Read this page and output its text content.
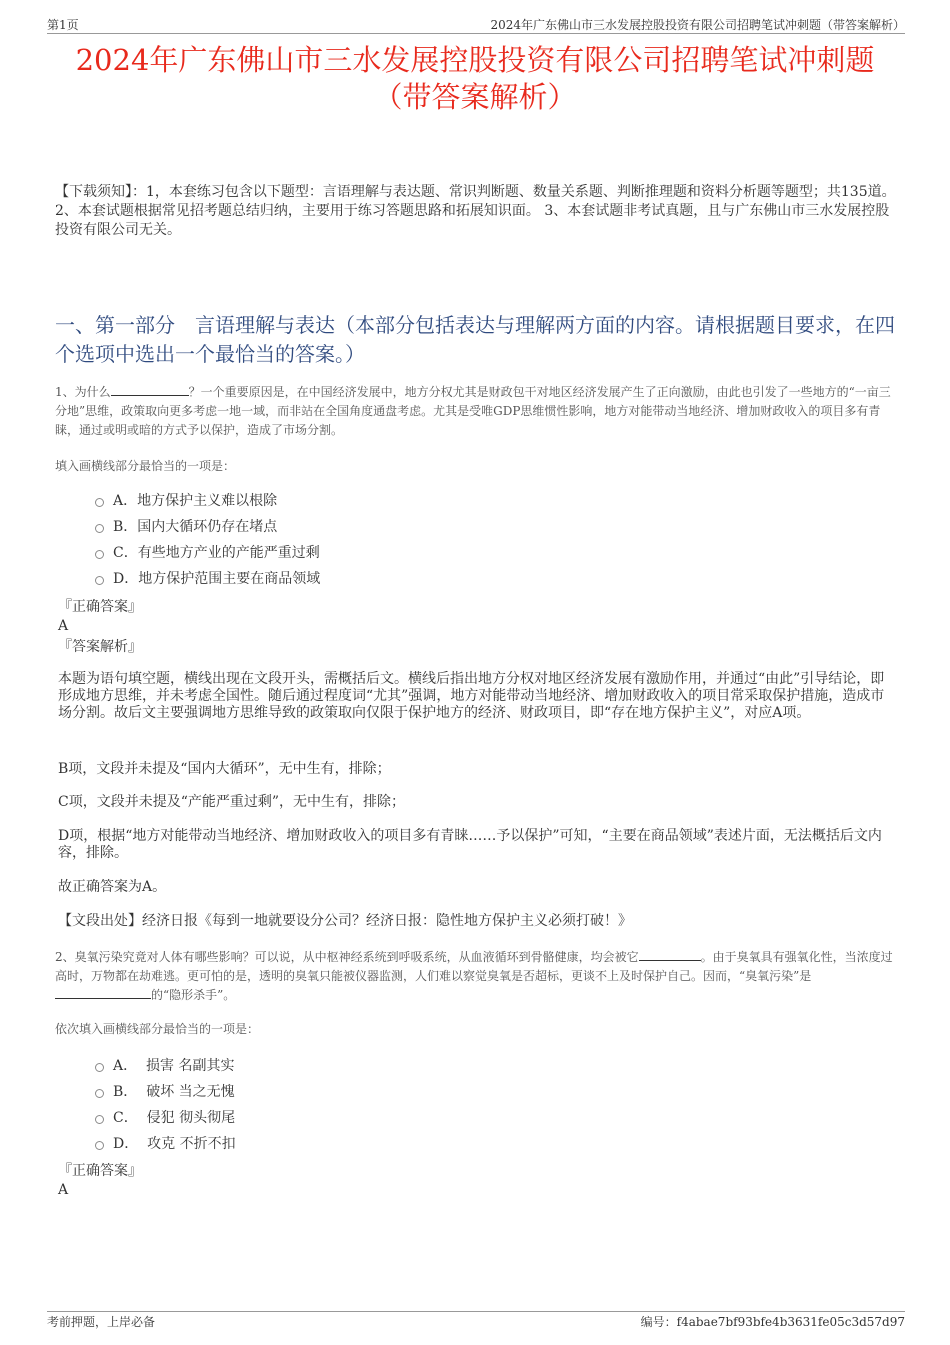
第1页	2024年广东佛山市三水发展控股投资有限公司招聘笔试冲刺题（带答案解析）
2024年广东佛山市三水发展控股投资有限公司招聘笔试冲刺题
（带答案解析）
【下载须知】：1，本套练习包含以下题型：言语理解与表达题、常识判断题、数量关系题、判断推理题和资料分析题等题型；共135道。 2、本套试题根据常见招考题总结归纳，主要用于练习答题思路和拓展知识面。 3、本套试题非考试真题，且与广东佛山市三水发展控股投资有限公司无关。
一、第一部分　言语理解与表达（本部分包括表达与理解两方面的内容。请根据题目要求，在四个选项中选出一个最恰当的答案。）
1、为什么	？一个重要原因是，在中国经济发展中，地方分权尤其是财政包干对地区经济发展产生了正向激励，由此也引发了一些地方的“一亩三分地”思维，政策取向更多考虑一地一域，而非站在全国角度通盘考虑。尤其是受唯GDP思维惯性影响，地方对能带动当地经济、增加财政收入的项目多有青睐，通过或明或暗的方式予以保护，造成了市场分割。
填入画横线部分最恰当的一项是：
A． 地方保护主义难以根除
B． 国内大循环仍存在堵点
C． 有些地方产业的产能严重过剩
D． 地方保护范围主要在商品领域
『正确答案』
A
『答案解析』
本题为语句填空题，横线出现在文段开头，需概括后文。横线后指出地方分权对地区经济发展有激励作用，并通过“由此”引导结论，即形成地方思维，并未考虑全国性。随后通过程度词“尤其”强调，地方对能带动当地经济、增加财政收入的项目常采取保护措施，造成市场分割。故后文主要强调地方思维导致的政策取向仅限于保护地方的经济、财政项目，即“存在地方保护主义”，对应A项。
B项，文段并未提及“国内大循环”，无中生有，排除；
C项，文段并未提及“产能严重过剩”，无中生有，排除；
D项，根据“地方对能带动当地经济、增加财政收入的项目多有青睐……予以保护”可知，“主要在商品领域”表述片面，无法概括后文内容，排除。
故正确答案为A。
【文段出处】经济日报《每到一地就要设分公司？经济日报：隐性地方保护主义必须打破！》
2、臭氧污染究竟对人体有哪些影响？可以说，从中枢神经系统到呼吸系统，从血液循环到骨骼健康，均会被它	。由于臭氧具有强氧化性，当浓度过高时，万物都在劫难逃。更可怕的是，透明的臭氧只能被仪器监测，人们难以察觉臭氧是否超标，更谈不上及时保护自己。因而，“臭氧污染”是的“隐形杀手”。
依次填入画横线部分最恰当的一项是：
A．
损害 名副其实
B．
破坏 当之无愧
C．
侵犯 彻头彻尾
D．
攻克 不折不扣
『正确答案』
A
考前押题，上岸必备	编号：f4abae7bf93bfe4b3631fe05c3d57d97
